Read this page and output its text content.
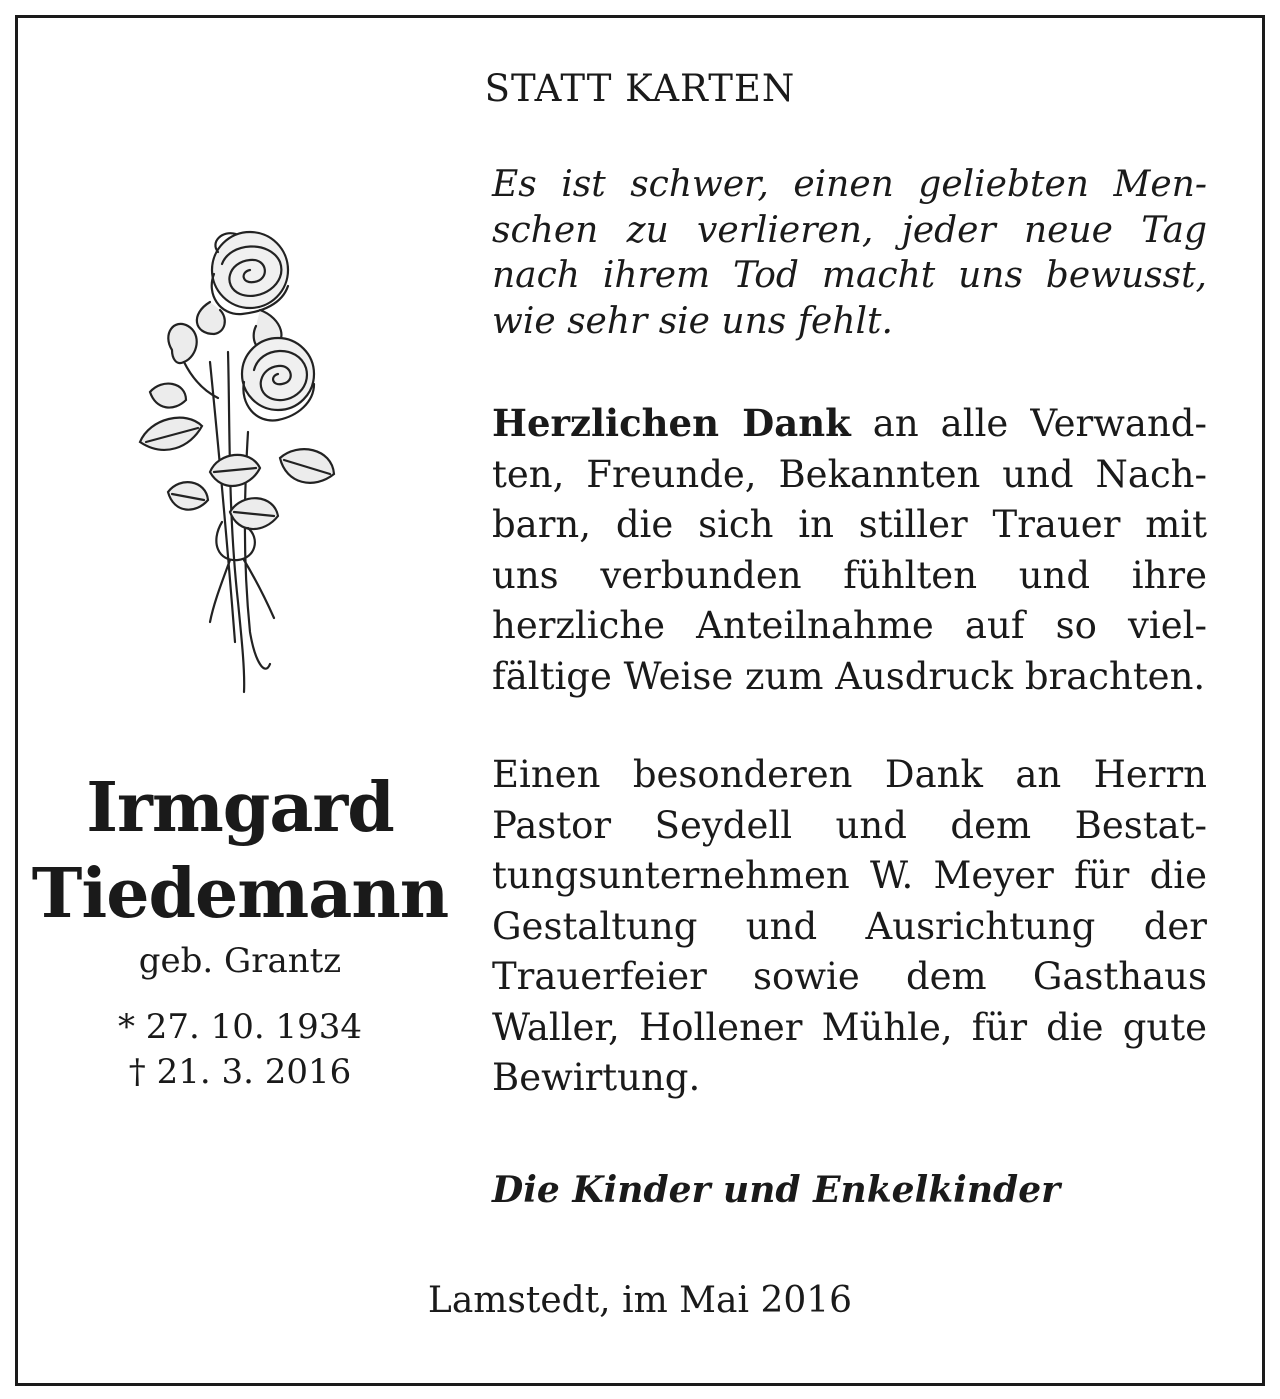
STATT KARTEN
Irmgard
Tiedemann
geb. Grantz
* 27. 10. 1934
† 21. 3. 2016
Es ist schwer, einen geliebten Men-
schen zu verlieren, jeder neue Tag
nach ihrem Tod macht uns bewusst,
wie sehr sie uns fehlt.
Herzlichen Dank an alle Verwand-
ten, Freunde, Bekannten und Nach-
barn, die sich in stiller Trauer mit
uns verbunden fühlten und ihre
herzliche Anteilnahme auf so viel-
fältige Weise zum Ausdruck brachten.
Einen besonderen Dank an Herrn
Pastor Seydell und dem Bestat-
tungsunternehmen W. Meyer für die
Gestaltung und Ausrichtung der
Trauerfeier sowie dem Gasthaus
Waller, Hollener Mühle, für die gute
Bewirtung.
Die Kinder und Enkelkinder
Lamstedt, im Mai 2016
